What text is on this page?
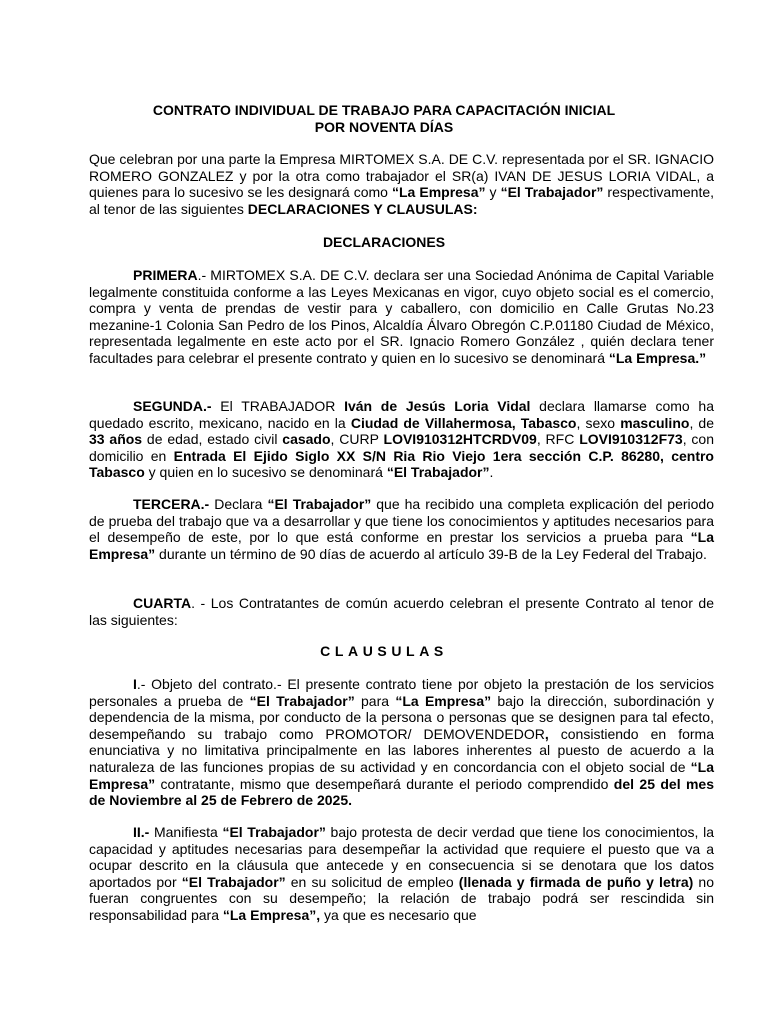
CONTRATO INDIVIDUAL DE TRABAJO PARA CAPACITACIÓN INICIAL
POR NOVENTA DÍAS

Que celebran por una parte la Empresa MIRTOMEX S.A. DE C.V. representada por el SR. IGNACIO ROMERO GONZALEZ y por la otra como trabajador el SR(a) IVAN DE JESUS LORIA VIDAL, a quienes para lo sucesivo se les designará como “La Empresa” y “El Trabajador” respectivamente, al tenor de las siguientes DECLARACIONES Y CLAUSULAS:

DECLARACIONES

PRIMERA.- MIRTOMEX S.A. DE C.V. declara ser una Sociedad Anónima de Capital Variable legalmente constituida conforme a las Leyes Mexicanas en vigor, cuyo objeto social es el comercio, compra y venta de prendas de vestir para y caballero, con domicilio en Calle Grutas No.23 mezanine-1 Colonia San Pedro de los Pinos, Alcaldía Álvaro Obregón C.P.01180 Ciudad de México, representada legalmente en este acto por el SR. Ignacio Romero González , quién declara tener facultades para celebrar el presente contrato y quien en lo sucesivo se denominará “La Empresa.”

SEGUNDA.- El TRABAJADOR Iván de Jesús Loria Vidal declara llamarse como ha quedado escrito, mexicano, nacido en la Ciudad de Villahermosa, Tabasco, sexo masculino, de 33 años de edad, estado civil casado, CURP LOVI910312HTCRDV09, RFC LOVI910312F73, con domicilio en Entrada El Ejido Siglo XX S/N Ria Rio Viejo 1era sección C.P. 86280, centro Tabasco y quien en lo sucesivo se denominará “El Trabajador”.

TERCERA.- Declara “El Trabajador” que ha recibido una completa explicación del periodo de prueba del trabajo que va a desarrollar y que tiene los conocimientos y aptitudes necesarios para el desempeño de este, por lo que está conforme en prestar los servicios a prueba para “La Empresa” durante un término de 90 días de acuerdo al artículo 39-B de la Ley Federal del Trabajo.

CUARTA. - Los Contratantes de común acuerdo celebran el presente Contrato al tenor de las siguientes:

CLAUSULAS

I.- Objeto del contrato.- El presente contrato tiene por objeto la prestación de los servicios personales a prueba de “El Trabajador” para “La Empresa” bajo la dirección, subordinación y dependencia de la misma, por conducto de la persona o personas que se designen para tal efecto, desempeñando su trabajo como PROMOTOR/ DEMOVENDEDOR, consistiendo en forma enunciativa y no limitativa principalmente en las labores inherentes al puesto de acuerdo a la naturaleza de las funciones propias de su actividad y en concordancia con el objeto social de “La Empresa” contratante, mismo que desempeñará durante el periodo comprendido del 25 del mes de Noviembre al 25 de Febrero de 2025.

II.- Manifiesta “El Trabajador” bajo protesta de decir verdad que tiene los conocimientos, la capacidad y aptitudes necesarias para desempeñar la actividad que requiere el puesto que va a ocupar descrito en la cláusula que antecede y en consecuencia si se denotara que los datos aportados por “El Trabajador” en su solicitud de empleo (llenada y firmada de puño y letra) no fueran congruentes con su desempeño; la relación de trabajo podrá ser rescindida sin responsabilidad para “La Empresa”, ya que es necesario que
